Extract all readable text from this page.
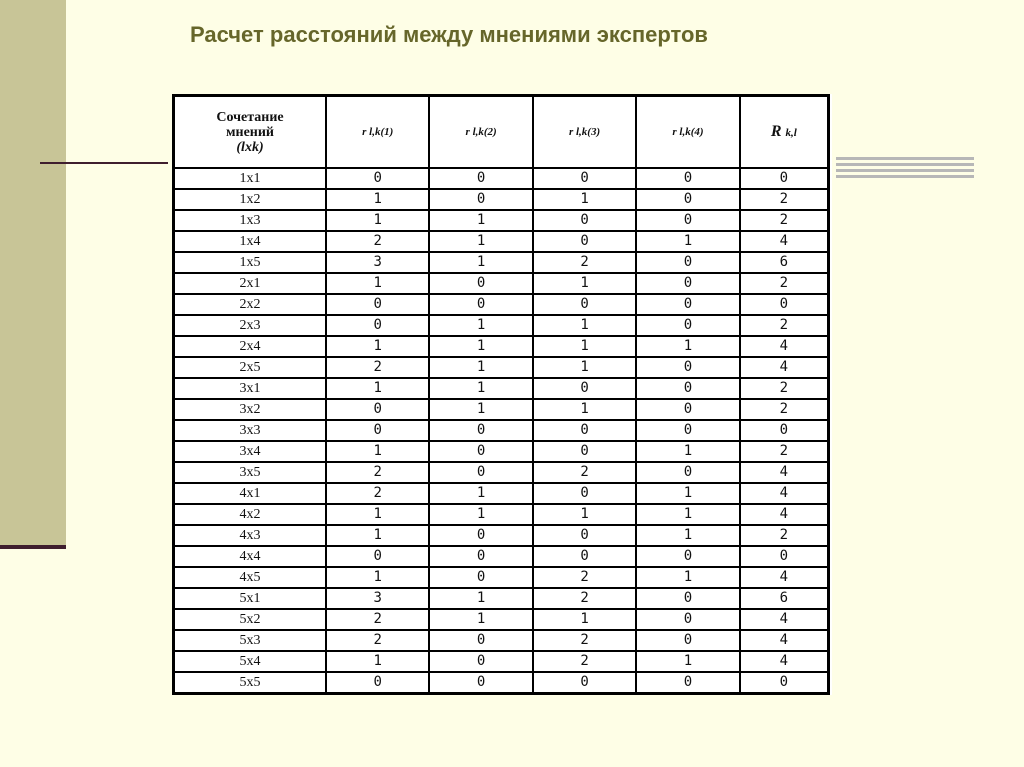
Расчет расстояний между мнениями экспертов
Сочетание
мнений
(lxk)	r l,k(1)	r l,k(2)	r l,k(3)	r l,k(4)	R k,l
1x1	0	0	0	0	0
1x2	1	0	1	0	2
1x3	1	1	0	0	2
1x4	2	1	0	1	4
1x5	3	1	2	0	6
2x1	1	0	1	0	2
2x2	0	0	0	0	0
2x3	0	1	1	0	2
2x4	1	1	1	1	4
2x5	2	1	1	0	4
3x1	1	1	0	0	2
3x2	0	1	1	0	2
3x3	0	0	0	0	0
3x4	1	0	0	1	2
3x5	2	0	2	0	4
4x1	2	1	0	1	4
4x2	1	1	1	1	4
4x3	1	0	0	1	2
4x4	0	0	0	0	0
4x5	1	0	2	1	4
5x1	3	1	2	0	6
5x2	2	1	1	0	4
5x3	2	0	2	0	4
5x4	1	0	2	1	4
5x5	0	0	0	0	0
